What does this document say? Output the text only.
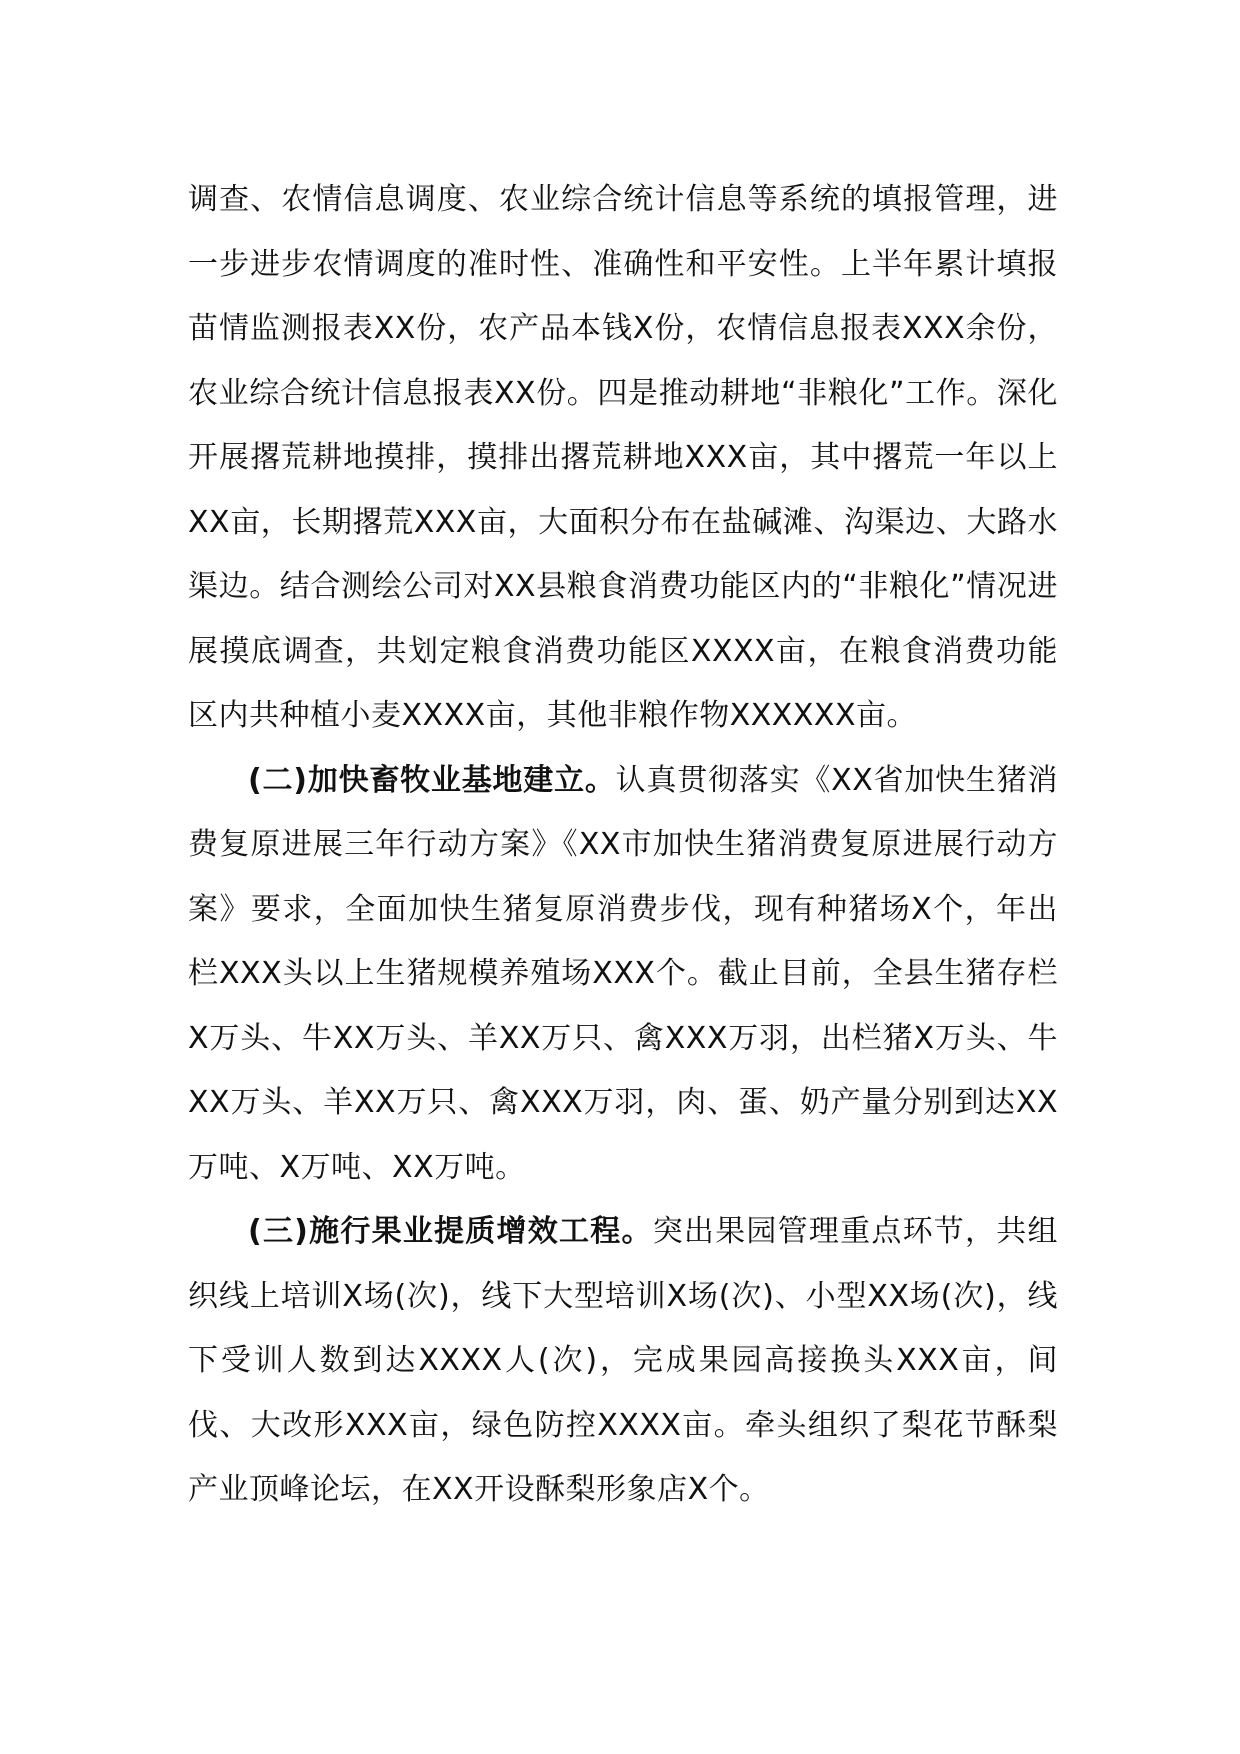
调查、农情信息调度、农业综合统计信息等系统的填报管理，进一步进步农情调度的准时性、准确性和平安性。上半年累计填报苗情监测报表XX份，农产品本钱X份，农情信息报表XXX余份，农业综合统计信息报表XX份。四是推动耕地“非粮化”工作。深化开展撂荒耕地摸排，摸排出撂荒耕地XXX亩，其中撂荒一年以上XX亩，长期撂荒XXX亩，大面积分布在盐碱滩、沟渠边、大路水渠边。结合测绘公司对XX县粮食消费功能区内的“非粮化”情况进展摸底调查，共划定粮食消费功能区XXXX亩，在粮食消费功能区内共种植小麦XXXX亩，其他非粮作物XXXXXX亩。

(二)加快畜牧业基地建立。认真贯彻落实《XX省加快生猪消费复原进展三年行动方案》《XX市加快生猪消费复原进展行动方案》要求，全面加快生猪复原消费步伐，现有种猪场X个，年出栏XXX头以上生猪规模养殖场XXX个。截止目前，全县生猪存栏X万头、牛XX万头、羊XX万只、禽XXX万羽，出栏猪X万头、牛XX万头、羊XX万只、禽XXX万羽，肉、蛋、奶产量分别到达XX万吨、X万吨、XX万吨。

(三)施行果业提质增效工程。突出果园管理重点环节，共组织线上培训X场(次)，线下大型培训X场(次)、小型XX场(次)，线下受训人数到达XXXX人(次)，完成果园高接换头XXX亩，间伐、大改形XXX亩，绿色防控XXXX亩。牵头组织了梨花节酥梨产业顶峰论坛，在XX开设酥梨形象店X个。
